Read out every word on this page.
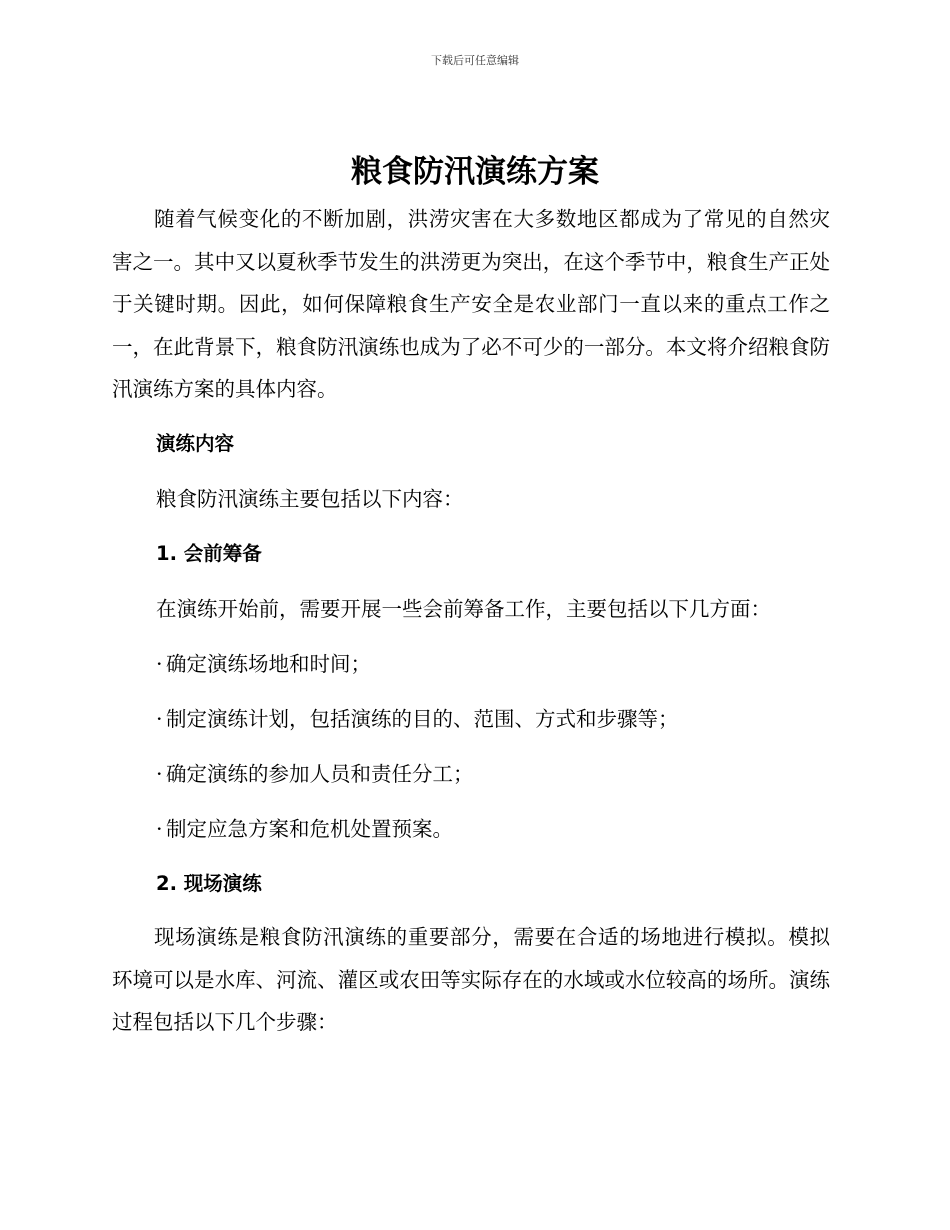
下载后可任意编辑
粮食防汛演练方案

随着气候变化的不断加剧，洪涝灾害在大多数地区都成为了常见的自然灾害之一。其中又以夏秋季节发生的洪涝更为突出，在这个季节中，粮食生产正处于关键时期。因此，如何保障粮食生产安全是农业部门一直以来的重点工作之一，在此背景下，粮食防汛演练也成为了必不可少的一部分。本文将介绍粮食防汛演练方案的具体内容。

演练内容

粮食防汛演练主要包括以下内容：

1. 会前筹备

在演练开始前，需要开展一些会前筹备工作，主要包括以下几方面：

· 确定演练场地和时间；

· 制定演练计划，包括演练的目的、范围、方式和步骤等；

· 确定演练的参加人员和责任分工；

· 制定应急方案和危机处置预案。

2. 现场演练

现场演练是粮食防汛演练的重要部分，需要在合适的场地进行模拟。模拟环境可以是水库、河流、灌区或农田等实际存在的水域或水位较高的场所。演练过程包括以下几个步骤：
